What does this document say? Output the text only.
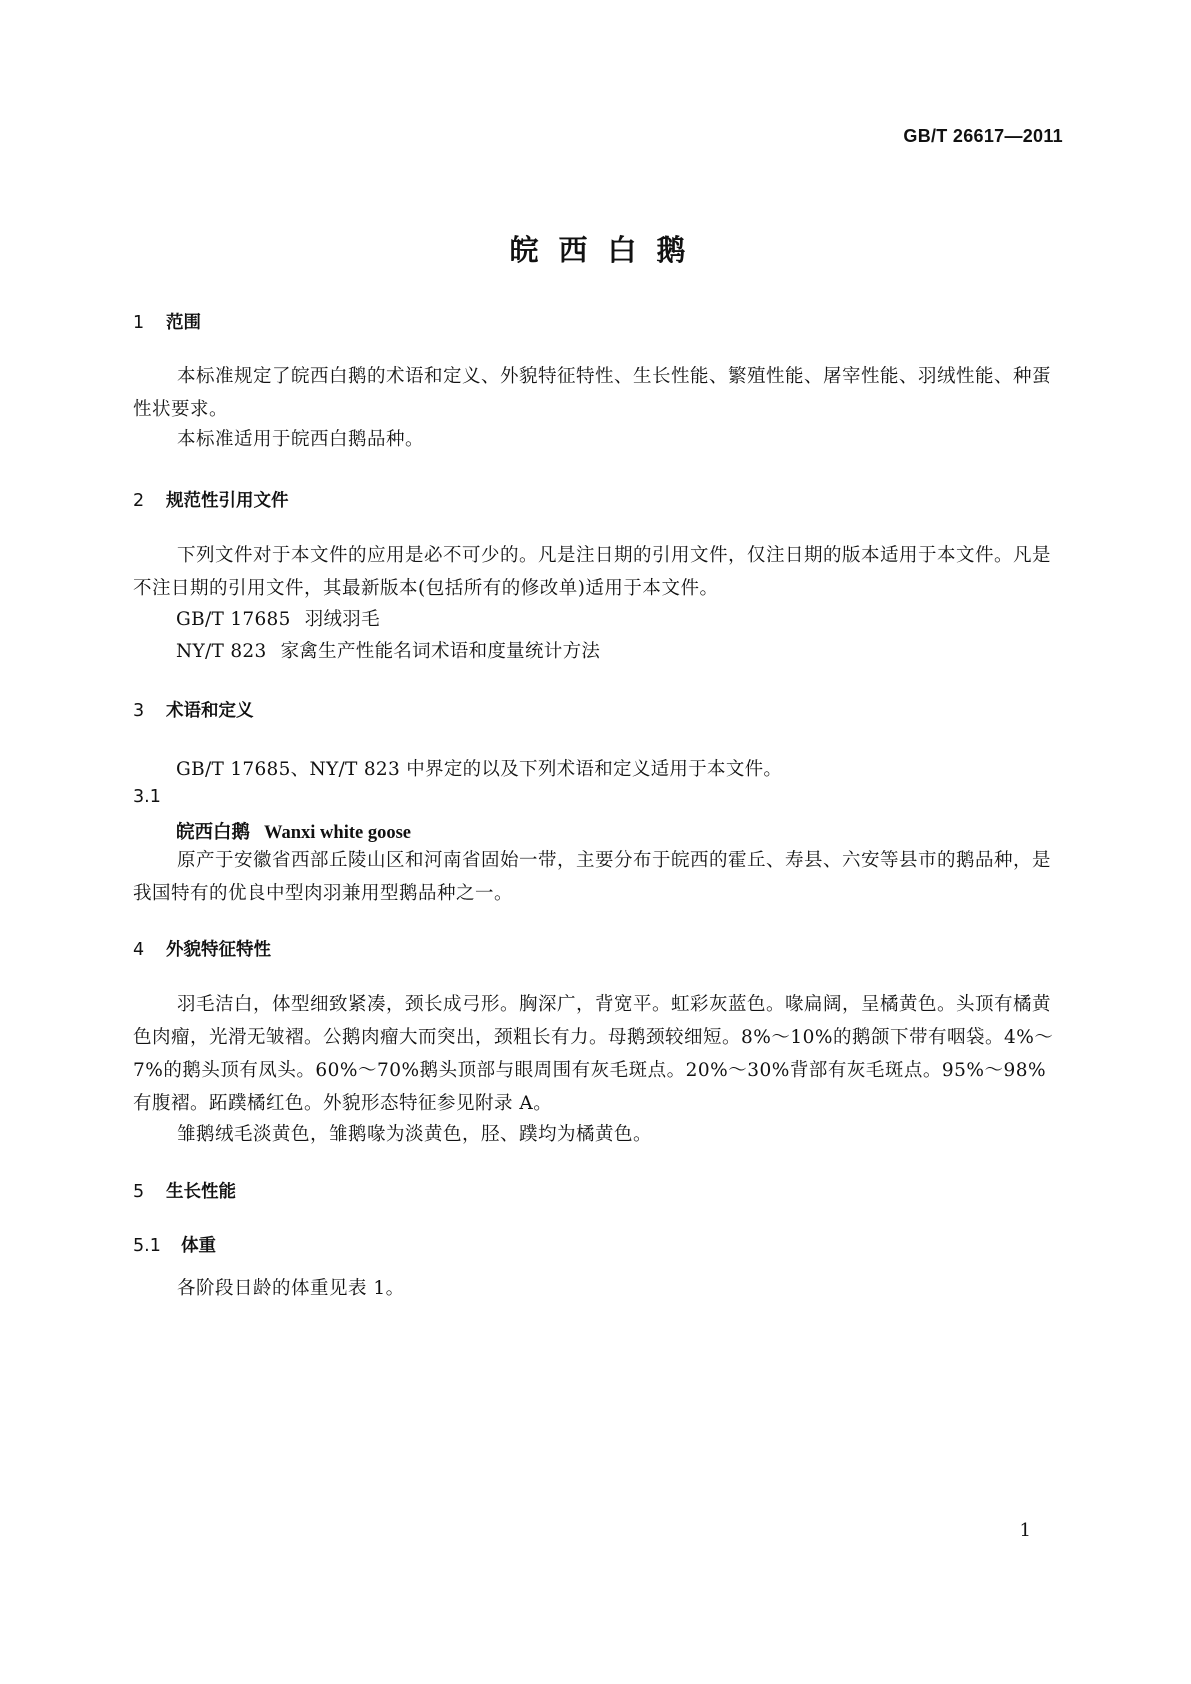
GB/T 26617—2011
皖西白鹅
1 范围

本标准规定了皖西白鹅的术语和定义、外貌特征特性、生长性能、繁殖性能、屠宰性能、羽绒性能、种蛋性状要求。

本标准适用于皖西白鹅品种。

2 规范性引用文件

下列文件对于本文件的应用是必不可少的。凡是注日期的引用文件，仅注日期的版本适用于本文件。凡是不注日期的引用文件，其最新版本(包括所有的修改单)适用于本文件。

GB/T 17685 羽绒羽毛
NY/T 823 家禽生产性能名词术语和度量统计方法
3 术语和定义
GB/T 17685、NY/T 823 中界定的以及下列术语和定义适用于本文件。
3.1
皖西白鹅 Wanxi white goose

原产于安徽省西部丘陵山区和河南省固始一带，主要分布于皖西的霍丘、寿县、六安等县市的鹅品种，是我国特有的优良中型肉羽兼用型鹅品种之一。

4 外貌特征特性

羽毛洁白，体型细致紧凑，颈长成弓形。胸深广，背宽平。虹彩灰蓝色。喙扁阔，呈橘黄色。头顶有橘黄色肉瘤，光滑无皱褶。公鹅肉瘤大而突出，颈粗长有力。母鹅颈较细短。8%～10%的鹅颌下带有咽袋。4%～7%的鹅头顶有凤头。60%～70%鹅头顶部与眼周围有灰毛斑点。20%～30%背部有灰毛斑点。95%～98%有腹褶。跖蹼橘红色。外貌形态特征参见附录 A。

雏鹅绒毛淡黄色，雏鹅喙为淡黄色，胫、蹼均为橘黄色。

5 生长性能
5.1 体重

各阶段日龄的体重见表 1。

1
